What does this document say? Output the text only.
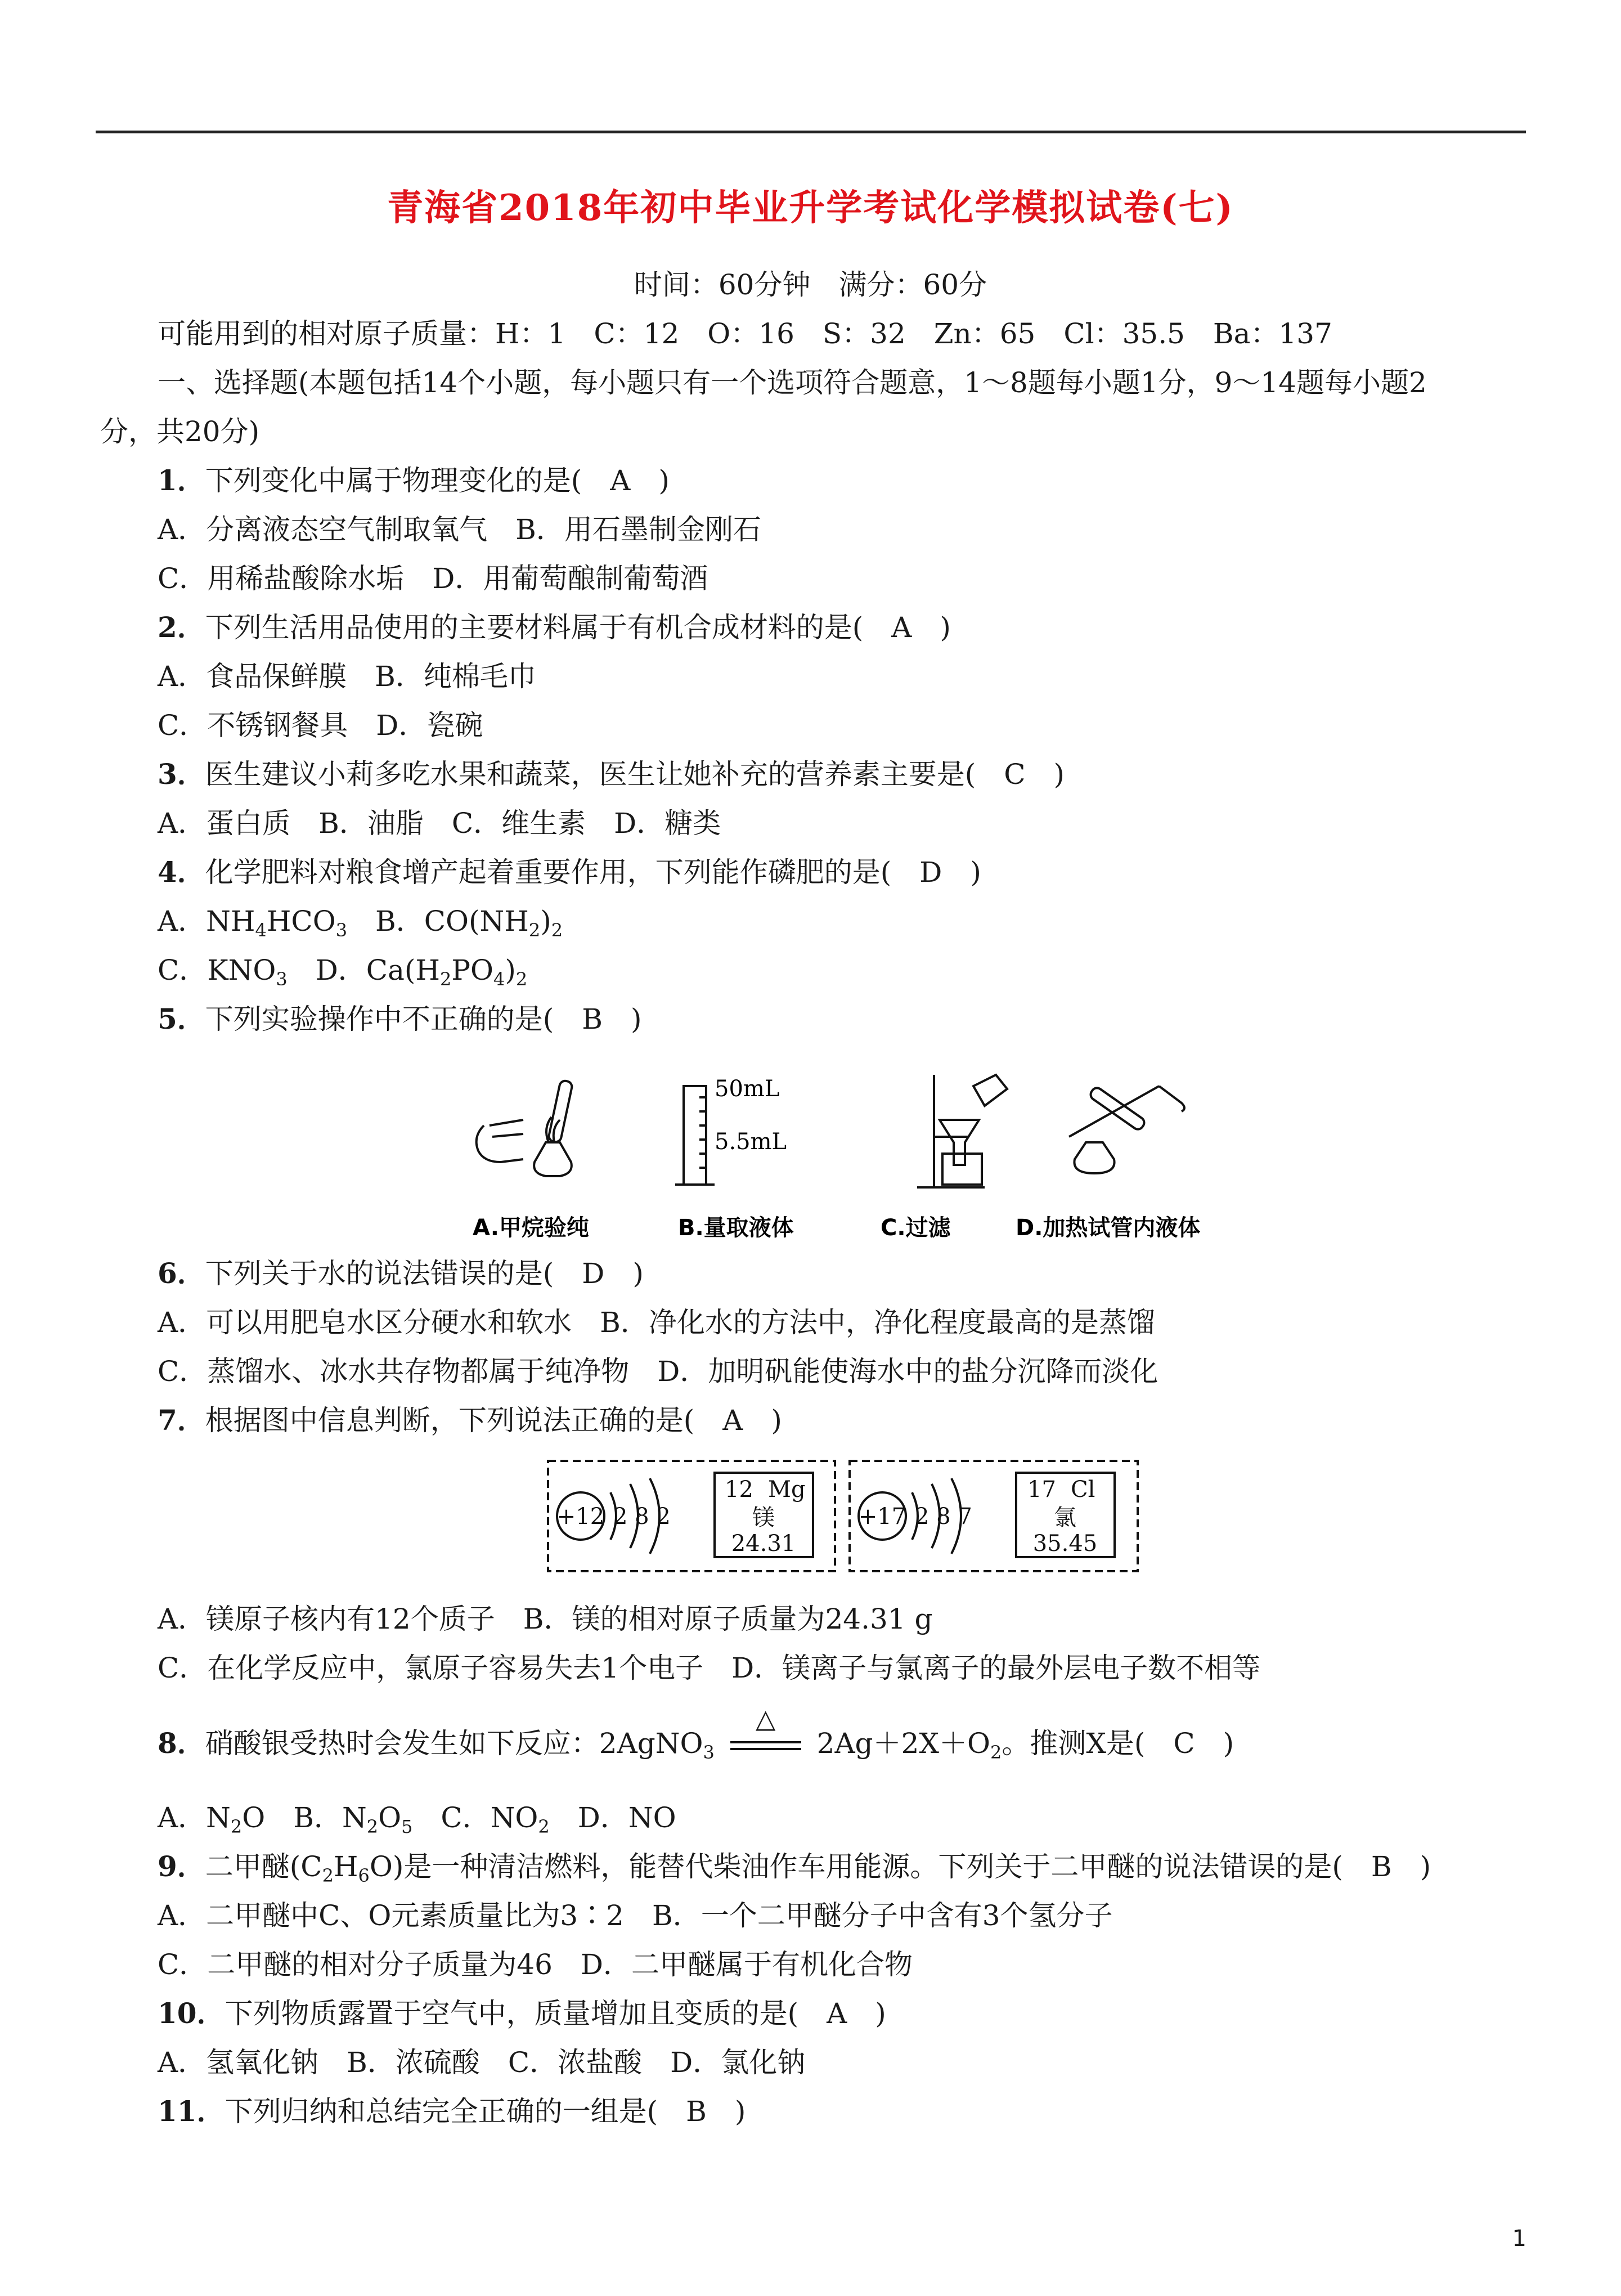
青海省2018年初中毕业升学考试化学模拟试卷(七)
时间：60分钟　满分：60分
可能用到的相对原子质量：H：1　C：12　O：16　S：32　Zn：65　Cl：35.5　Ba：137
一、选择题(本题包括14个小题，每小题只有一个选项符合题意，1～8题每小题1分，9～14题每小题2
分，共20分)
1．下列变化中属于物理变化的是(　A　)
A．分离液态空气制取氧气　B．用石墨制金刚石
C．用稀盐酸除水垢　D．用葡萄酿制葡萄酒
2．下列生活用品使用的主要材料属于有机合成材料的是(　A　)
A．食品保鲜膜　B．纯棉毛巾
C．不锈钢餐具　D．瓷碗
3．医生建议小莉多吃水果和蔬菜，医生让她补充的营养素主要是(　C　)
A．蛋白质　B．油脂　C．维生素　D．糖类
4．化学肥料对粮食增产起着重要作用，下列能作磷肥的是(　D　)
A．$NH_4HCO_3$　B．$CO(NH_2)_2$
C．$KNO_3$　D．$Ca(H_2PO_4)_2$
5．下列实验操作中不正确的是(　B　)
50mL
5.5mL
A.甲烷验纯	B.量取液体	C.过滤	D.加热试管内液体
6．下列关于水的说法错误的是(　D　)
A．可以用肥皂水区分硬水和软水　B．净化水的方法中，净化程度最高的是蒸馏
C．蒸馏水、冰水共存物都属于纯净物　D．加明矾能使海水中的盐分沉降而淡化
7．根据图中信息判断，下列说法正确的是(　A　)
+12 2 8 2
12 Mg
镁
24.31
+17 2 8 7
17 Cl
氯
35.45
A．镁原子核内有12个质子　B．镁的相对原子质量为24.31 g
C．在化学反应中，氯原子容易失去1个电子　D．镁离子与氯离子的最外层电子数不相等
8．硝酸银受热时会发生如下反应：2AgNO$_3$
△
$2Ag+2X+O_2$。推测X是(　C　)
A．$N_2O$　B．$N_2O_5$　C．$NO_2$　D．NO
9．二甲醚$(C_2H_6O)$是一种清洁燃料，能替代柴油作车用能源。下列关于二甲醚的说法错误的是(　B　)
A．二甲醚中C、O元素质量比为3∶2　B．一个二甲醚分子中含有3个氢分子
C．二甲醚的相对分子质量为46　D．二甲醚属于有机化合物
10．下列物质露置于空气中，质量增加且变质的是(　A　)
A．氢氧化钠　B．浓硫酸　C．浓盐酸　D．氯化钠
11．下列归纳和总结完全正确的一组是(　B　)
1
